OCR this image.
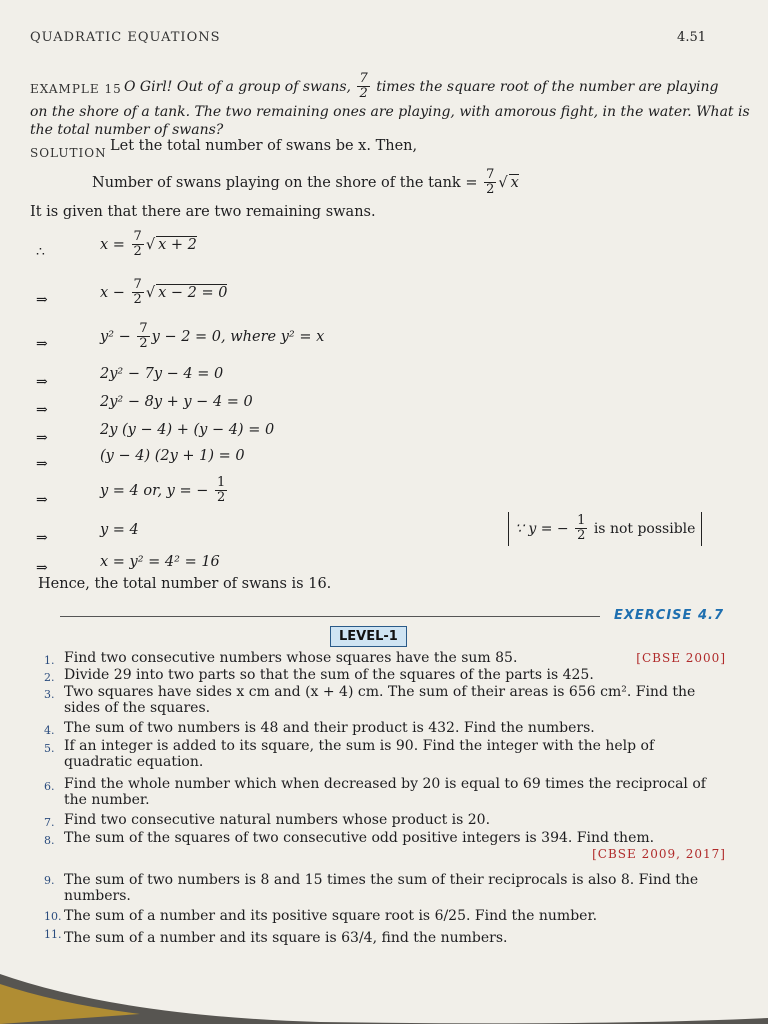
QUADRATIC EQUATIONS	4.51
EXAMPLE 15 O Girl! Out of a group of swans, $\frac{7}{2}$ times the square root of the number are playing
on the shore of a tank. The two remaining ones are playing, with amorous fight, in the water. What is
the total number of swans?
SOLUTION Let the total number of swans be x. Then,
Number of swans playing on the shore of the $\tan k = \frac{7}{2}$ √ x
It is given that there are two remaining swans.
∴	$x = \frac{7}{2}$ √ x + 2
⇒	$x - \frac{7}{2}$ √ x − 2 = 0
⇒	$y^2 - \frac{7}{2}$ y − 2 = 0, where y² = x
⇒	2y² − 7y − 4 = 0
⇒	2y² − 8y + y − 4 = 0
⇒	2y (y − 4) + (y − 4) = 0
⇒	(y − 4) (2y + 1) = 0
⇒
y = 4 or, y = − $\frac{1}{2}$
⇒	y = 4	∵ y = − $\frac{1}{2}$ is not possible
⇒	x = y² = 4² = 16
Hence, the total number of swans is 16.
EXERCISE 4.7
LEVEL-1
1. Find two consecutive numbers whose squares have the sum 85.	[CBSE 2000]
2. Divide 29 into two parts so that the sum of the squares of the parts is 425.
3. Two squares have sides x cm and (x + 4) cm. The sum of their areas is 656 cm². Find the sides of the squares.
4. The sum of two numbers is 48 and their product is 432. Find the numbers.
5. If an integer is added to its square, the sum is 90. Find the integer with the help of quadratic equation.
6. Find the whole number which when decreased by 20 is equal to 69 times the reciprocal of the number.
7. Find two consecutive natural numbers whose product is 20.
8. The sum of the squares of two consecutive odd positive integers is 394. Find them.

[CBSE 2009, 2017]
9. The sum of two numbers is 8 and 15 times the sum of their reciprocals is also 8. Find the numbers.
10. The sum of a number and its positive square root is 6/25. Find the number.
11. The sum of a number and its square is 63/4, find the numbers.
